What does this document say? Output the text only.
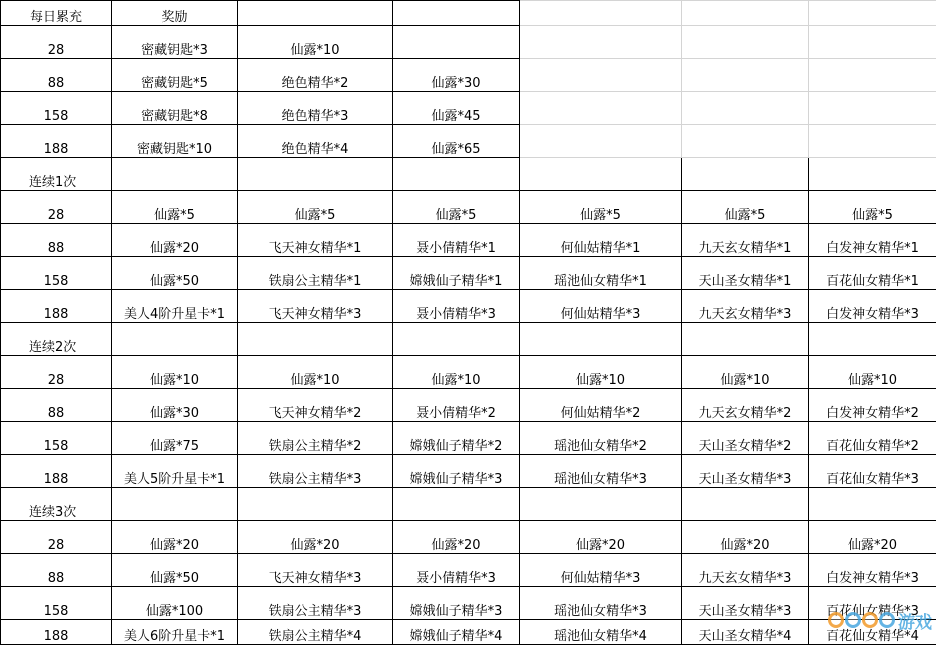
每日累充	奖励					
28	密藏钥匙*3	仙露*10				
88	密藏钥匙*5	绝色精华*2	仙露*30			
158	密藏钥匙*8	绝色精华*3	仙露*45			
188	密藏钥匙*10	绝色精华*4	仙露*65			
连续1次						
28	仙露*5	仙露*5	仙露*5	仙露*5	仙露*5	仙露*5
88	仙露*20	飞天神女精华*1	聂小倩精华*1	何仙姑精华*1	九天玄女精华*1	白发神女精华*1
158	仙露*50	铁扇公主精华*1	嫦娥仙子精华*1	瑶池仙女精华*1	天山圣女精华*1	百花仙女精华*1
188	美人4阶升星卡*1	飞天神女精华*3	聂小倩精华*3	何仙姑精华*3	九天玄女精华*3	白发神女精华*3
连续2次						
28	仙露*10	仙露*10	仙露*10	仙露*10	仙露*10	仙露*10
88	仙露*30	飞天神女精华*2	聂小倩精华*2	何仙姑精华*2	九天玄女精华*2	白发神女精华*2
158	仙露*75	铁扇公主精华*2	嫦娥仙子精华*2	瑶池仙女精华*2	天山圣女精华*2	百花仙女精华*2
188	美人5阶升星卡*1	铁扇公主精华*3	嫦娥仙子精华*3	瑶池仙女精华*3	天山圣女精华*3	百花仙女精华*3
连续3次						
28	仙露*20	仙露*20	仙露*20	仙露*20	仙露*20	仙露*20
88	仙露*50	飞天神女精华*3	聂小倩精华*3	何仙姑精华*3	九天玄女精华*3	白发神女精华*3
158	仙露*100	铁扇公主精华*3	嫦娥仙子精华*3	瑶池仙女精华*3	天山圣女精华*3	百花仙女精华*3
188	美人6阶升星卡*1	铁扇公主精华*4	嫦娥仙子精华*4	瑶池仙女精华*4	天山圣女精华*4	百花仙女精华*4
游戏
